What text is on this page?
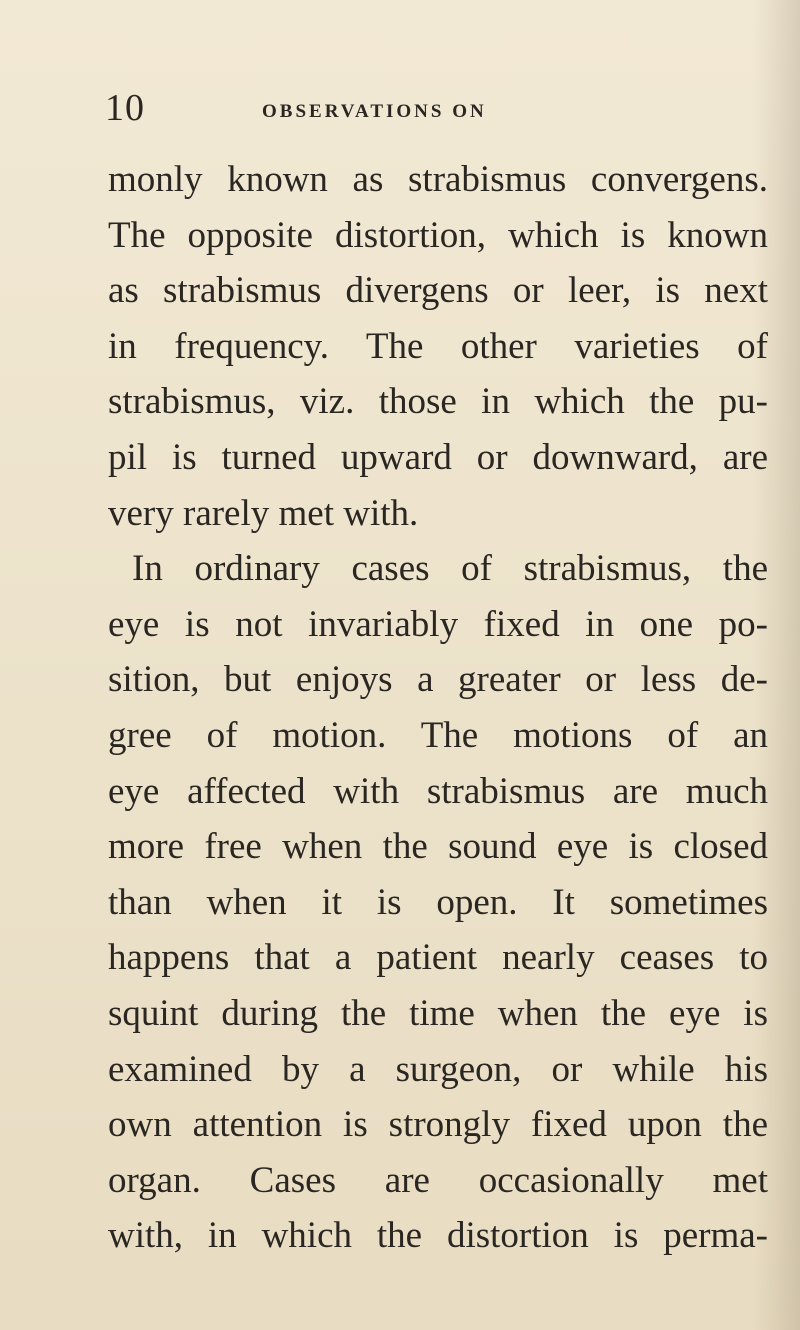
10	OBSERVATIONS ON
monly known as strabismus convergens.
The opposite distortion, which is known
as strabismus divergens or leer, is next
in frequency. The other varieties of
strabismus, viz. those in which the pu-
pil is turned upward or downward, are
very rarely met with.
In ordinary cases of strabismus, the
eye is not invariably fixed in one po-
sition, but enjoys a greater or less de-
gree of motion. The motions of an
eye affected with strabismus are much
more free when the sound eye is closed
than when it is open. It sometimes
happens that a patient nearly ceases to
squint during the time when the eye is
examined by a surgeon, or while his
own attention is strongly fixed upon the
organ. Cases are occasionally met
with, in which the distortion is perma-
